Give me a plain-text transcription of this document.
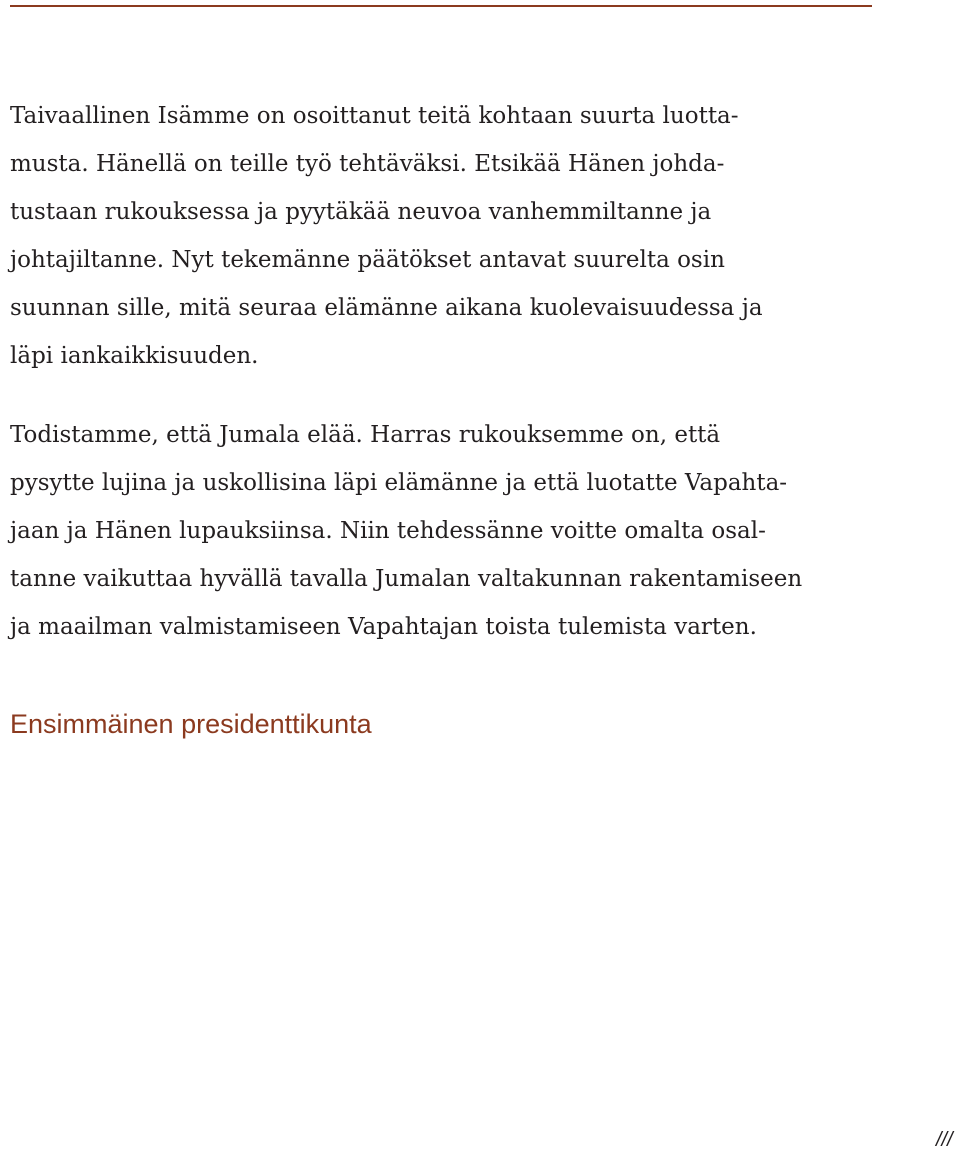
Taivaallinen Isämme on osoittanut teitä kohtaan suurta luotta-
musta. Hänellä on teille työ tehtäväksi. Etsikää Hänen johda-
tustaan rukouksessa ja pyytäkää neuvoa vanhemmiltanne ja
johtajiltanne. Nyt tekemänne päätökset antavat suurelta osin
suunnan sille, mitä seuraa elämänne aikana kuolevaisuudessa ja
läpi iankaikkisuuden.
Todistamme, että Jumala elää. Harras rukouksemme on, että
pysytte lujina ja uskollisina läpi elämänne ja että luotatte Vapahta-
jaan ja Hänen lupauksiinsa. Niin tehdessänne voitte omalta osal-
tanne vaikuttaa hyvällä tavalla Jumalan valtakunnan rakentamiseen
ja maailman valmistamiseen Vapahtajan toista tulemista varten.
Ensimmäinen presidenttikunta
///
